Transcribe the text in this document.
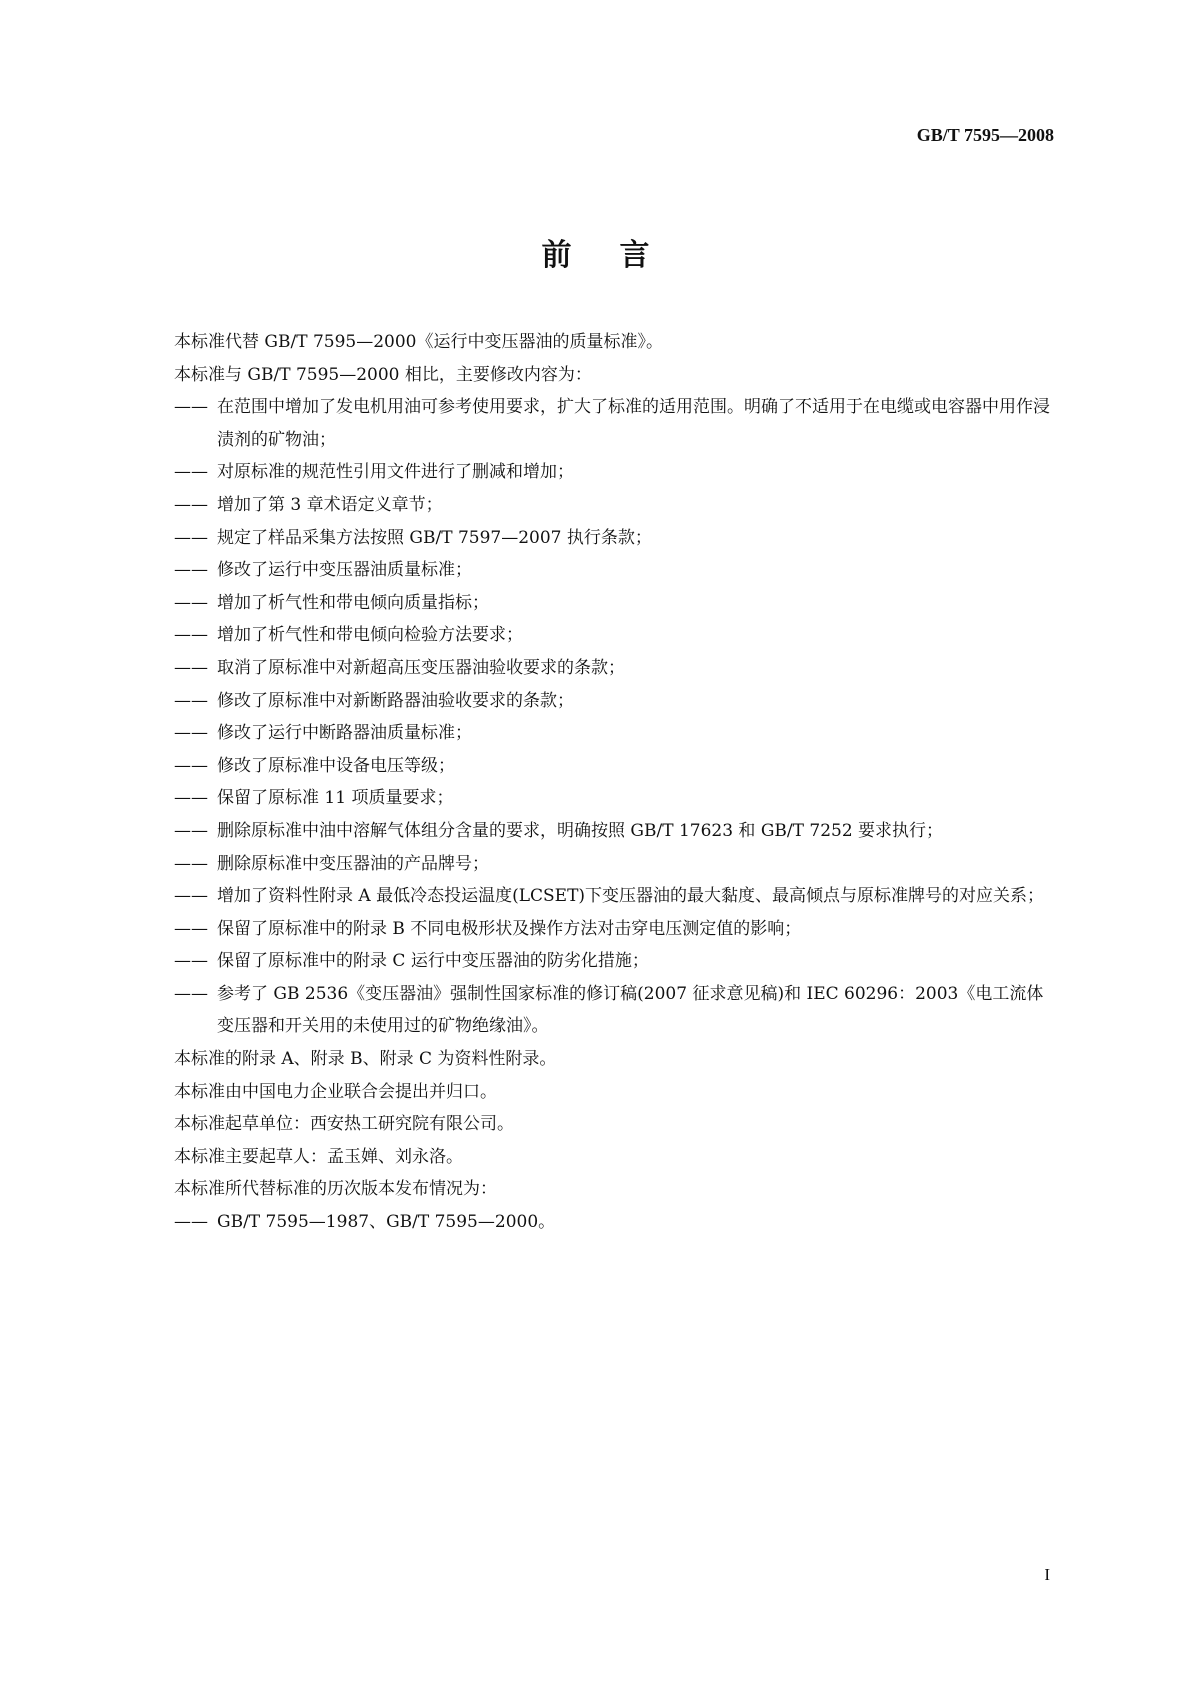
GB/T 7595—2008
前言

本标准代替 GB/T 7595—2000《运行中变压器油的质量标准》。

本标准与 GB/T 7595—2000 相比，主要修改内容为：

—— 在范围中增加了发电机用油可参考使用要求，扩大了标准的适用范围。明确了不适用于在电缆或电容器中用作浸渍剂的矿物油；
—— 对原标准的规范性引用文件进行了删减和增加；
—— 增加了第 3 章术语定义章节；
—— 规定了样品采集方法按照 GB/T 7597—2007 执行条款；
—— 修改了运行中变压器油质量标准；
—— 增加了析气性和带电倾向质量指标；
—— 增加了析气性和带电倾向检验方法要求；
—— 取消了原标准中对新超高压变压器油验收要求的条款；
—— 修改了原标准中对新断路器油验收要求的条款；
—— 修改了运行中断路器油质量标准；
—— 修改了原标准中设备电压等级；
—— 保留了原标准 11 项质量要求；
—— 删除原标准中油中溶解气体组分含量的要求，明确按照 GB/T 17623 和 GB/T 7252 要求执行；
—— 删除原标准中变压器油的产品牌号；
—— 增加了资料性附录 A 最低冷态投运温度(LCSET)下变压器油的最大黏度、最高倾点与原标准牌号的对应关系；
—— 保留了原标准中的附录 B 不同电极形状及操作方法对击穿电压测定值的影响；
—— 保留了原标准中的附录 C 运行中变压器油的防劣化措施；
—— 参考了 GB 2536《变压器油》强制性国家标准的修订稿(2007 征求意见稿)和 IEC 60296：2003《电工流体　变压器和开关用的未使用过的矿物绝缘油》。

本标准的附录 A、附录 B、附录 C 为资料性附录。

本标准由中国电力企业联合会提出并归口。

本标准起草单位：西安热工研究院有限公司。

本标准主要起草人：孟玉婵、刘永洛。

本标准所代替标准的历次版本发布情况为：

—— GB/T 7595—1987、GB/T 7595—2000。
I
